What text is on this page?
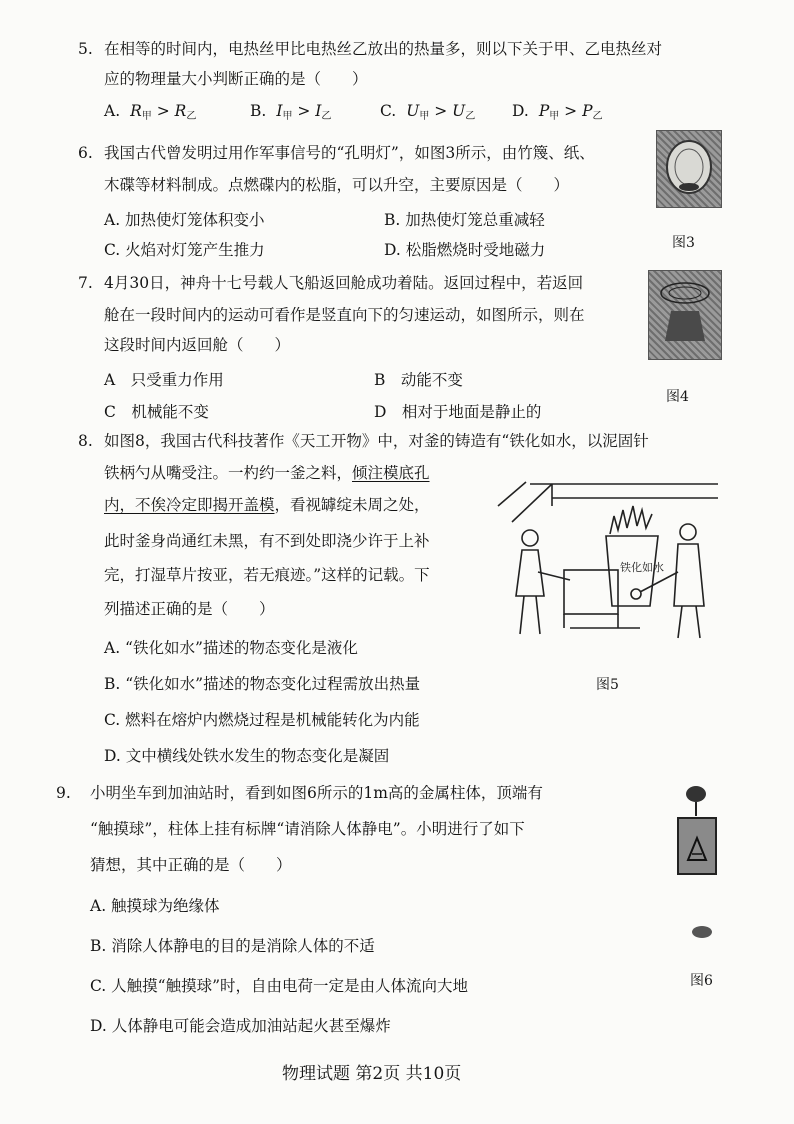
5. 在相等的时间内，电热丝甲比电热丝乙放出的热量多，则以下关于甲、乙电热丝对
应的物理量大小判断正确的是（　　）
A. $R_甲 > R_乙$	B. $I_甲 > I_乙$	C. $U_甲 > U_乙$ D. $P_甲 > P_乙$
6. 我国古代曾发明过用作军事信号的“孔明灯”，如图3所示，由竹篾、纸、
木碟等材料制成。点燃碟内的松脂，可以升空，主要原因是（　　）
A. 加热使灯笼体积变小	B. 加热使灯笼总重减轻
C. 火焰对灯笼产生推力	D. 松脂燃烧时受地磁力	图3
7. 4月30日，神舟十七号载人飞船返回舱成功着陆。返回过程中，若返回
舱在一段时间内的运动可看作是竖直向下的匀速运动，如图所示，则在
这段时间内返回舱（　　）
A　只受重力作用	B　动能不变
C　机械能不变	D　相对于地面是静止的
图4
8. 如图8，我国古代科技著作《天工开物》中，对釜的铸造有“铁化如水，以泥固针
铁柄勺从嘴受注。一杓约一釜之料，倾注模底孔
内，不俟冷定即揭开盖模，看视罅绽未周之处，
此时釜身尚通红未黑，有不到处即浇少许于上补
完，打湿草片按亚，若无痕迹。”这样的记载。下
列描述正确的是（　　）
A. “铁化如水”描述的物态变化是液化
B. “铁化如水”描述的物态变化过程需放出热量
C. 燃料在熔炉内燃烧过程是机械能转化为内能
D. 文中横线处铁水发生的物态变化是凝固
铁化如水
图5
9. 小明坐车到加油站时，看到如图6所示的1m高的金属柱体，顶端有
“触摸球”，柱体上挂有标牌“请消除人体静电”。小明进行了如下
猜想，其中正确的是（　　）
A. 触摸球为绝缘体
B. 消除人体静电的目的是消除人体的不适
C. 人触摸“触摸球”时，自由电荷一定是由人体流向大地
D. 人体静电可能会造成加油站起火甚至爆炸
图6
物理试题 第2页 共10页
